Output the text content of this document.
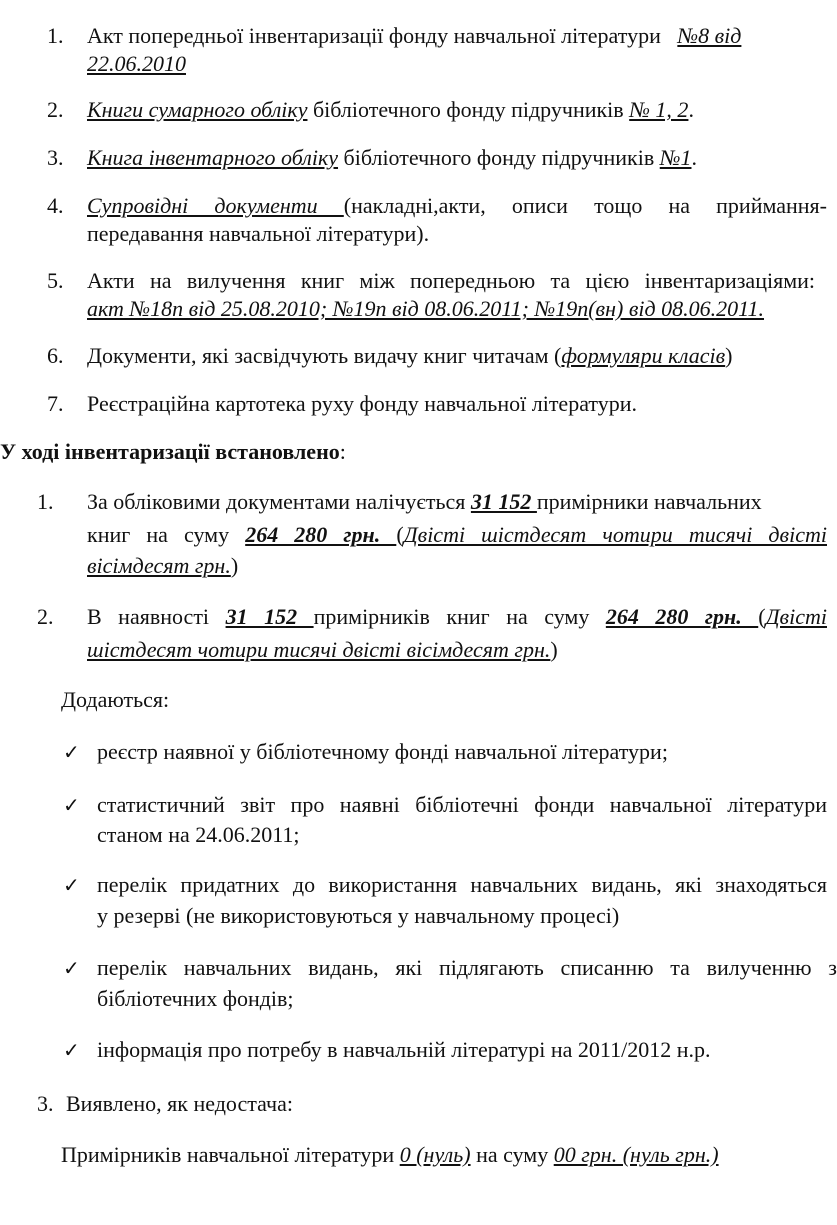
1. Акт попередньої інвентаризації фонду навчальної літератури №8 від
22.06.2010
2. Книги сумарного обліку бібліотечного фонду підручників № 1, 2.
3. Книга інвентарного обліку бібліотечного фонду підручників №1.
4. Супровідні документи (накладні,акти, описи тощо на приймання-
передавання навчальної літератури).
5. Акти на вилучення книг між попередньою та цією інвентаризаціями:
акт №18п від 25.08.2010; №19п від 08.06.2011; №19п(вн) від 08.06.2011.
6. Документи, які засвідчують видачу книг читачам (формуляри класів)
7. Реєстраційна картотека руху фонду навчальної літератури.
У ході інвентаризації встановлено:
1. За обліковими документами налічується 31 152 примірники навчальних
книг на суму 264 280 грн. (Двісті шістдесят чотири тисячі двісті
вісімдесят грн.)
2. В наявності 31 152 примірників книг на суму 264 280 грн. (Двісті
шістдесят чотири тисячі двісті вісімдесят грн.)
Додаються:
✓ реєстр наявної у бібліотечному фонді навчальної літератури;
✓ статистичний звіт про наявні бібліотечні фонди навчальної літератури
станом на 24.06.2011;
✓ перелік придатних до використання навчальних видань, які знаходяться
у резерві (не використовуються у навчальному процесі)
✓ перелік навчальних видань, які підлягають списанню та вилученню з
бібліотечних фондів;
✓ інформація про потребу в навчальній літературі на 2011/2012 н.р.
3. Виявлено, як недостача:
Примірників навчальної літератури 0 (нуль) на суму 00 грн. (нуль грн.)
